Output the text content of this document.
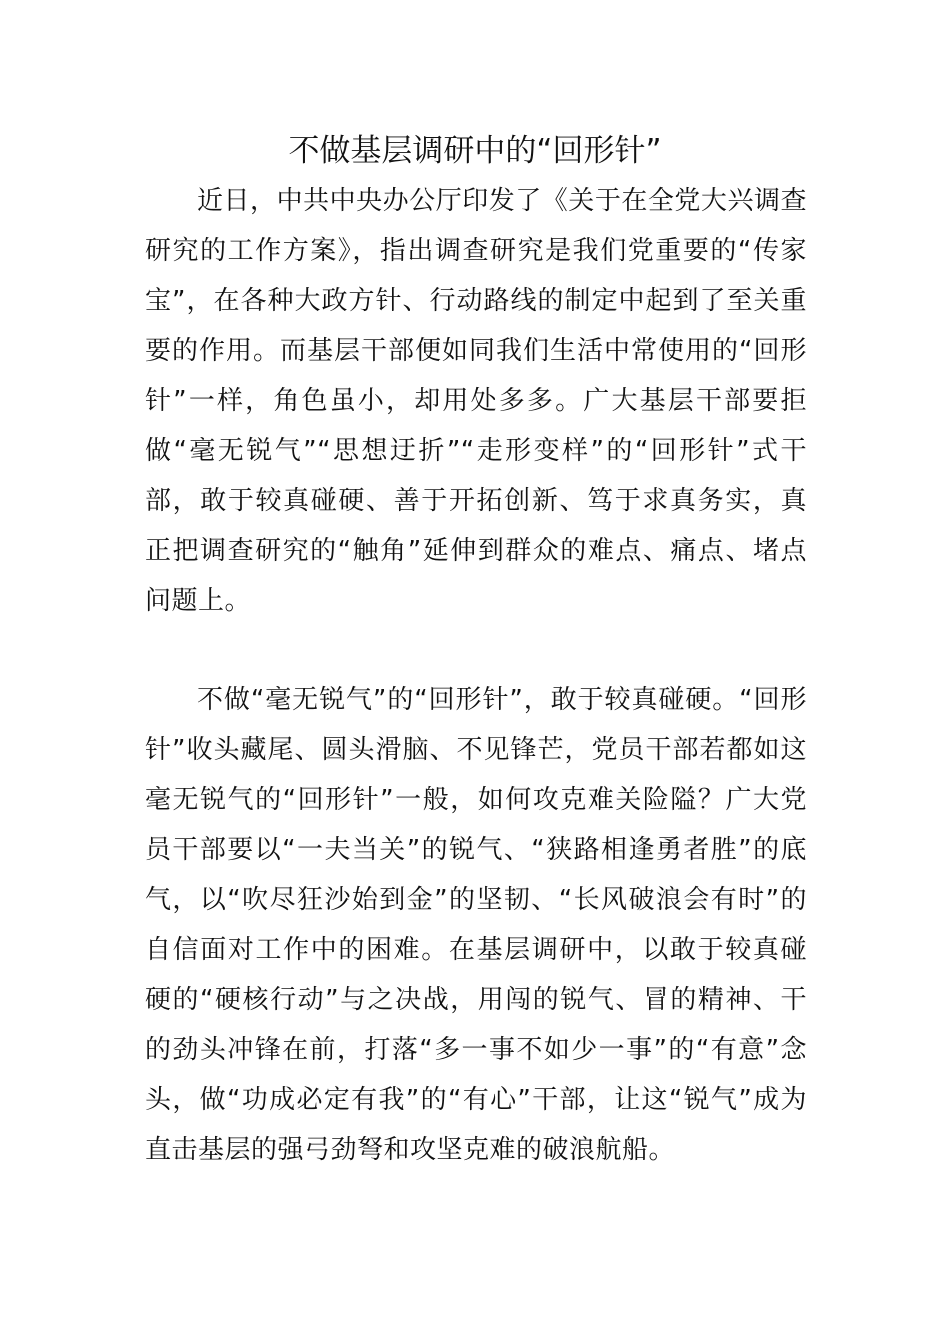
不做基层调研中的“回形针”

近日，中共中央办公厅印发了《关于在全党大兴调查研究的工作方案》，指出调查研究是我们党重要的“传家宝”，在各种大政方针、行动路线的制定中起到了至关重要的作用。而基层干部便如同我们生活中常使用的“回形针”一样，角色虽小，却用处多多。广大基层干部要拒做“毫无锐气”“思想迂折”“走形变样”的“回形针”式干部，敢于较真碰硬、善于开拓创新、笃于求真务实，真正把调查研究的“触角”延伸到群众的难点、痛点、堵点问题上。

不做“毫无锐气”的“回形针”，敢于较真碰硬。“回形针”收头藏尾、圆头滑脑、不见锋芒，党员干部若都如这毫无锐气的“回形针”一般，如何攻克难关险隘？广大党员干部要以“一夫当关”的锐气、“狭路相逢勇者胜”的底气，以“吹尽狂沙始到金”的坚韧、“长风破浪会有时”的自信面对工作中的困难。在基层调研中，以敢于较真碰硬的“硬核行动”与之决战，用闯的锐气、冒的精神、干的劲头冲锋在前，打落“多一事不如少一事”的“有意”念头，做“功成必定有我”的“有心”干部，让这“锐气”成为直击基层的强弓劲弩和攻坚克难的破浪航船。
